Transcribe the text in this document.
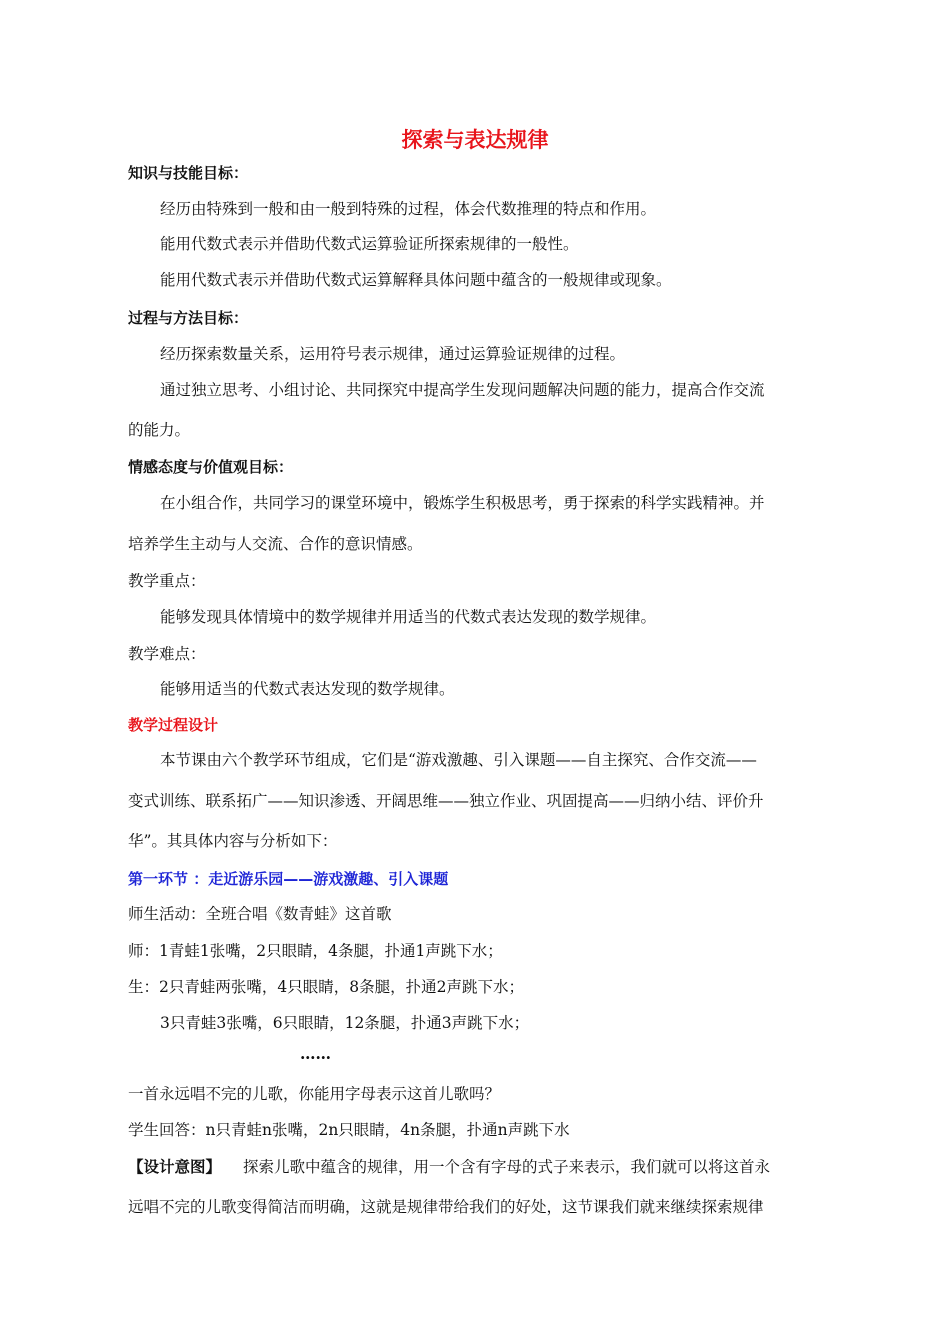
探索与表达规律
知识与技能目标：
经历由特殊到一般和由一般到特殊的过程，体会代数推理的特点和作用。
能用代数式表示并借助代数式运算验证所探索规律的一般性。
能用代数式表示并借助代数式运算解释具体问题中蕴含的一般规律或现象。
过程与方法目标：
经历探索数量关系，运用符号表示规律，通过运算验证规律的过程。
通过独立思考、小组讨论、共同探究中提高学生发现问题解决问题的能力，提高合作交流
的能力。
情感态度与价值观目标：
在小组合作，共同学习的课堂环境中，锻炼学生积极思考，勇于探索的科学实践精神。并
培养学生主动与人交流、合作的意识情感。
教学重点：
能够发现具体情境中的数学规律并用适当的代数式表达发现的数学规律。
教学难点：
能够用适当的代数式表达发现的数学规律。
教学过程设计
本节课由六个教学环节组成，它们是“游戏激趣、引入课题——自主探究、合作交流——
变式训练、联系拓广——知识渗透、开阔思维——独立作业、巩固提高——归纳小结、评价升
华”。其具体内容与分析如下：
第一环节 ：走近游乐园——游戏激趣、引入课题
师生活动：全班合唱《数青蛙》这首歌
师：1青蛙1张嘴，2只眼睛，4条腿，扑通1声跳下水；
生：2只青蛙两张嘴，4只眼睛，8条腿，扑通2声跳下水；
3只青蛙3张嘴，6只眼睛，12条腿，扑通3声跳下水；
……
一首永远唱不完的儿歌，你能用字母表示这首儿歌吗？
学生回答：n只青蛙n张嘴，2n只眼睛，4n条腿，扑通n声跳下水
【设计意图】 探索儿歌中蕴含的规律，用一个含有字母的式子来表示，我们就可以将这首永
远唱不完的儿歌变得简洁而明确，这就是规律带给我们的好处，这节课我们就来继续探索规律
